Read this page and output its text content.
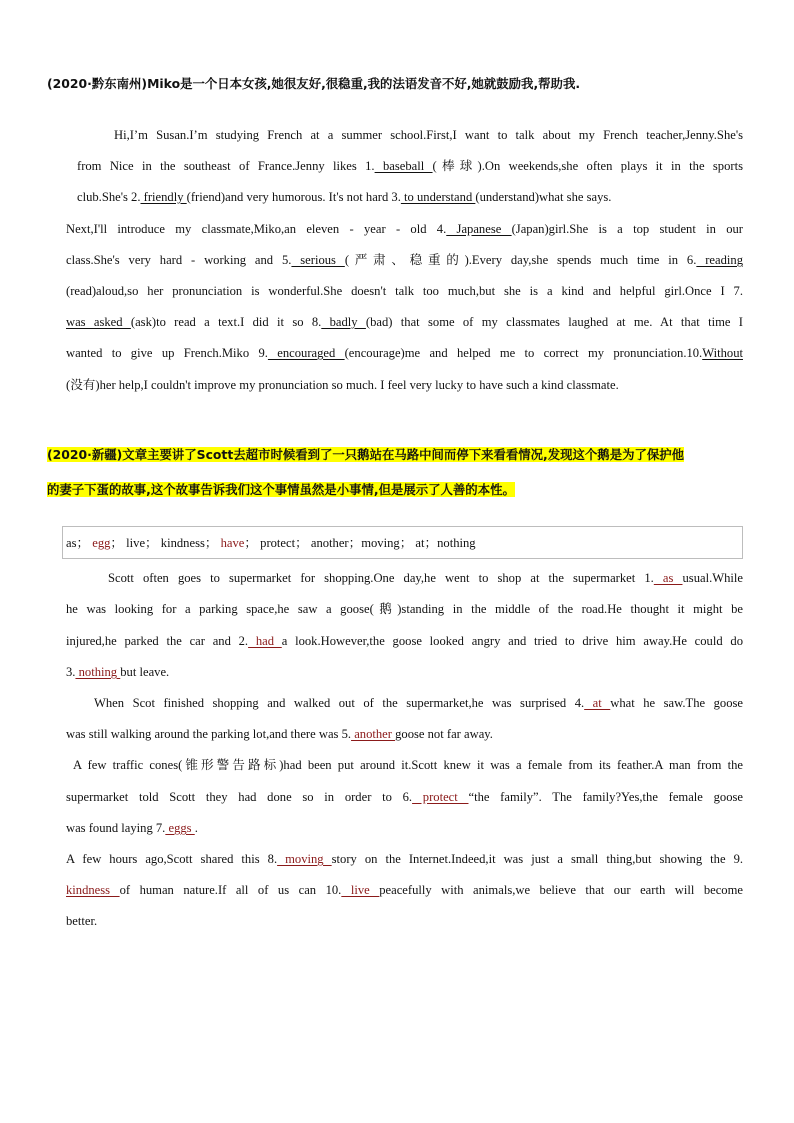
(2020·黔东南州)Miko是一个日本女孩,她很友好,很稳重,我的法语发音不好,她就鼓励我,帮助我.
Hi,I’m Susan.I’m studying French at a summer school.First,I want to talk about my French teacher,Jenny.She's
from Nice in the southeast of France.Jenny likes 1. baseball (棒球).On weekends,she often plays it in the sports
club.She's 2. friendly (friend)and very humorous. It's not hard 3. to understand (understand)what she says.
Next,I'll introduce my classmate,Miko,an eleven - year - old 4. Japanese (Japan)girl.She is a top student in our
class.She's very hard - working and 5. serious (严肃、稳重的).Every day,she spends much time in 6. reading
(read)aloud,so her pronunciation is wonderful.She doesn't talk too much,but she is a kind and helpful girl.Once I 7.
was asked (ask)to read a text.I did it so 8. badly (bad) that some of my classmates laughed at me. At that time I
wanted to give up French.Miko 9. encouraged (encourage)me and helped me to correct my pronunciation.10.Without
(没有)her help,I couldn't improve my pronunciation so much. I feel very lucky to have such a kind classmate.
(2020·新疆)文章主要讲了Scott去超市时候看到了一只鹅站在马路中间而停下来看看情况,发现这个鹅是为了保护他
的妻子下蛋的故事,这个故事告诉我们这个事情虽然是小事情,但是展示了人善的本性。
as； egg； live； kindness； have； protect； another；moving； at；nothing
Scott often goes to supermarket for shopping.One day,he went to shop at the supermarket 1. as usual.While
he was looking for a parking space,he saw a goose(鹅)standing in the middle of the road.He thought it might be
injured,he parked the car and 2. had a look.However,the goose looked angry and tried to drive him away.He could do
3. nothing but leave.
When Scot finished shopping and walked out of the supermarket,he was surprised 4. at what he saw.The goose
was still walking around the parking lot,and there was 5. another goose not far away.
A few traffic cones(锥形警告路标)had been put around it.Scott knew it was a female from its feather.A man from the
supermarket told Scott they had done so in order to 6. protect “the family”. The family?Yes,the female goose
was found laying 7. eggs .
A few hours ago,Scott shared this 8. moving story on the Internet.Indeed,it was just a small thing,but showing the 9.
kindness of human nature.If all of us can 10. live peacefully with animals,we believe that our earth will become
better.
